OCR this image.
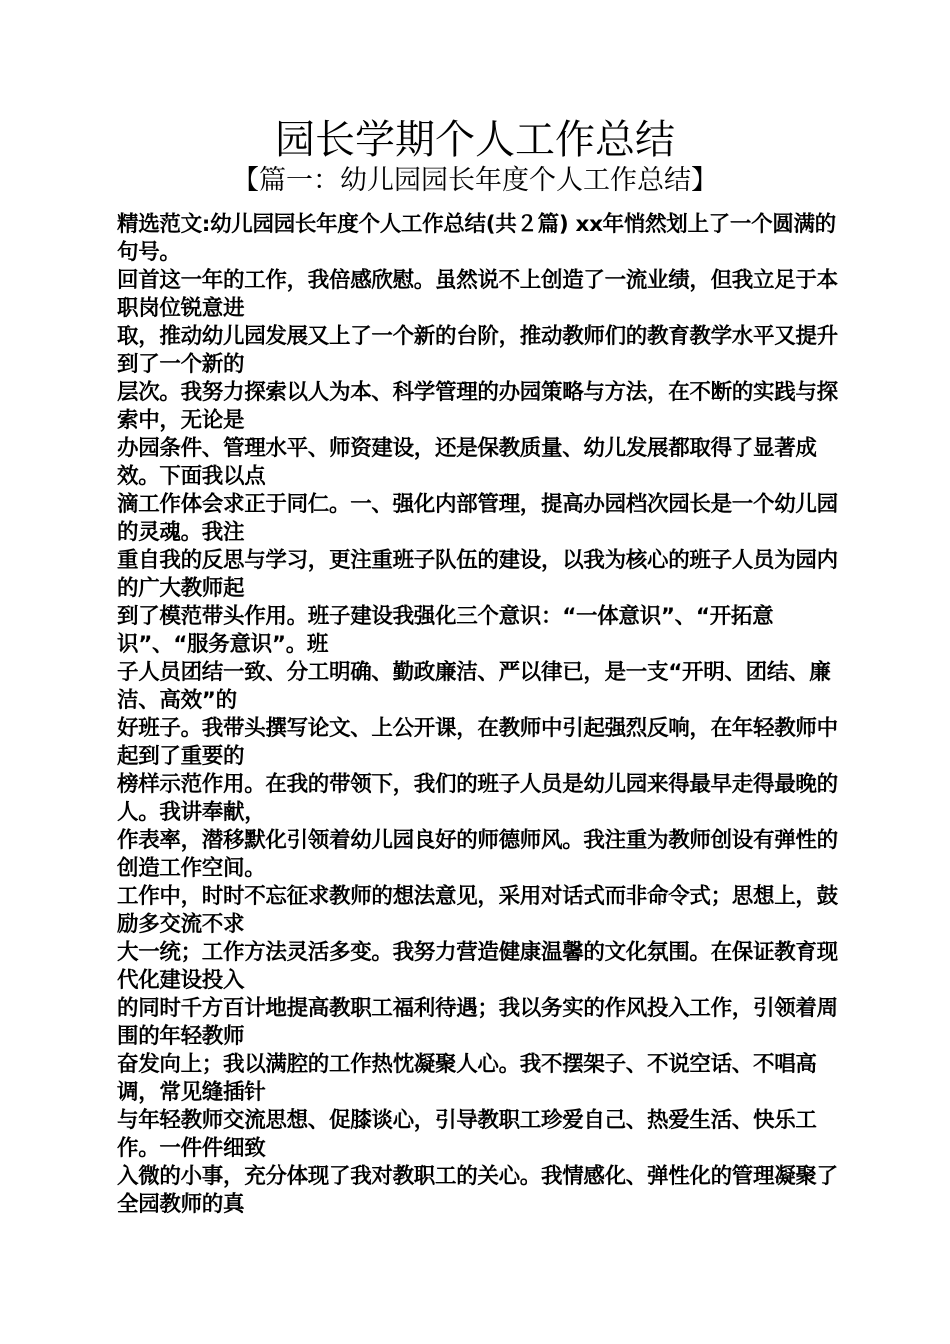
园长学期个人工作总结
【篇一：幼儿园园长年度个人工作总结】
精选范文:幼儿园园长年度个人工作总结(共２篇) xx年悄然划上了一个圆满的句号。
回首这一年的工作，我倍感欣慰。虽然说不上创造了一流业绩，但我立足于本职岗位锐意进
取，推动幼儿园发展又上了一个新的台阶，推动教师们的教育教学水平又提升到了一个新的
层次。我努力探索以人为本、科学管理的办园策略与方法，在不断的实践与探索中，无论是
办园条件、管理水平、师资建设，还是保教质量、幼儿发展都取得了显著成效。下面我以点
滴工作体会求正于同仁。一、强化内部管理，提高办园档次园长是一个幼儿园的灵魂。我注
重自我的反思与学习，更注重班子队伍的建设，以我为核心的班子人员为园内的广大教师起
到了模范带头作用。班子建设我强化三个意识：“一体意识”、“开拓意识”、“服务意识”。班
子人员团结一致、分工明确、勤政廉洁、严以律已，是一支“开明、团结、廉洁、高效”的
好班子。我带头撰写论文、上公开课，在教师中引起强烈反响，在年轻教师中起到了重要的
榜样示范作用。在我的带领下，我们的班子人员是幼儿园来得最早走得最晚的人。我讲奉献，
作表率，潜移默化引领着幼儿园良好的师德师风。我注重为教师创设有弹性的创造工作空间。
工作中，时时不忘征求教师的想法意见，采用对话式而非命令式；思想上，鼓励多交流不求
大一统；工作方法灵活多变。我努力营造健康温馨的文化氛围。在保证教育现代化建设投入
的同时千方百计地提高教职工福利待遇；我以务实的作风投入工作，引领着周围的年轻教师
奋发向上；我以满腔的工作热忱凝聚人心。我不摆架子、不说空话、不唱高调，常见缝插针
与年轻教师交流思想、促膝谈心，引导教职工珍爱自己、热爱生活、快乐工作。一件件细致
入微的小事，充分体现了我对教职工的关心。我情感化、弹性化的管理凝聚了全园教师的真
